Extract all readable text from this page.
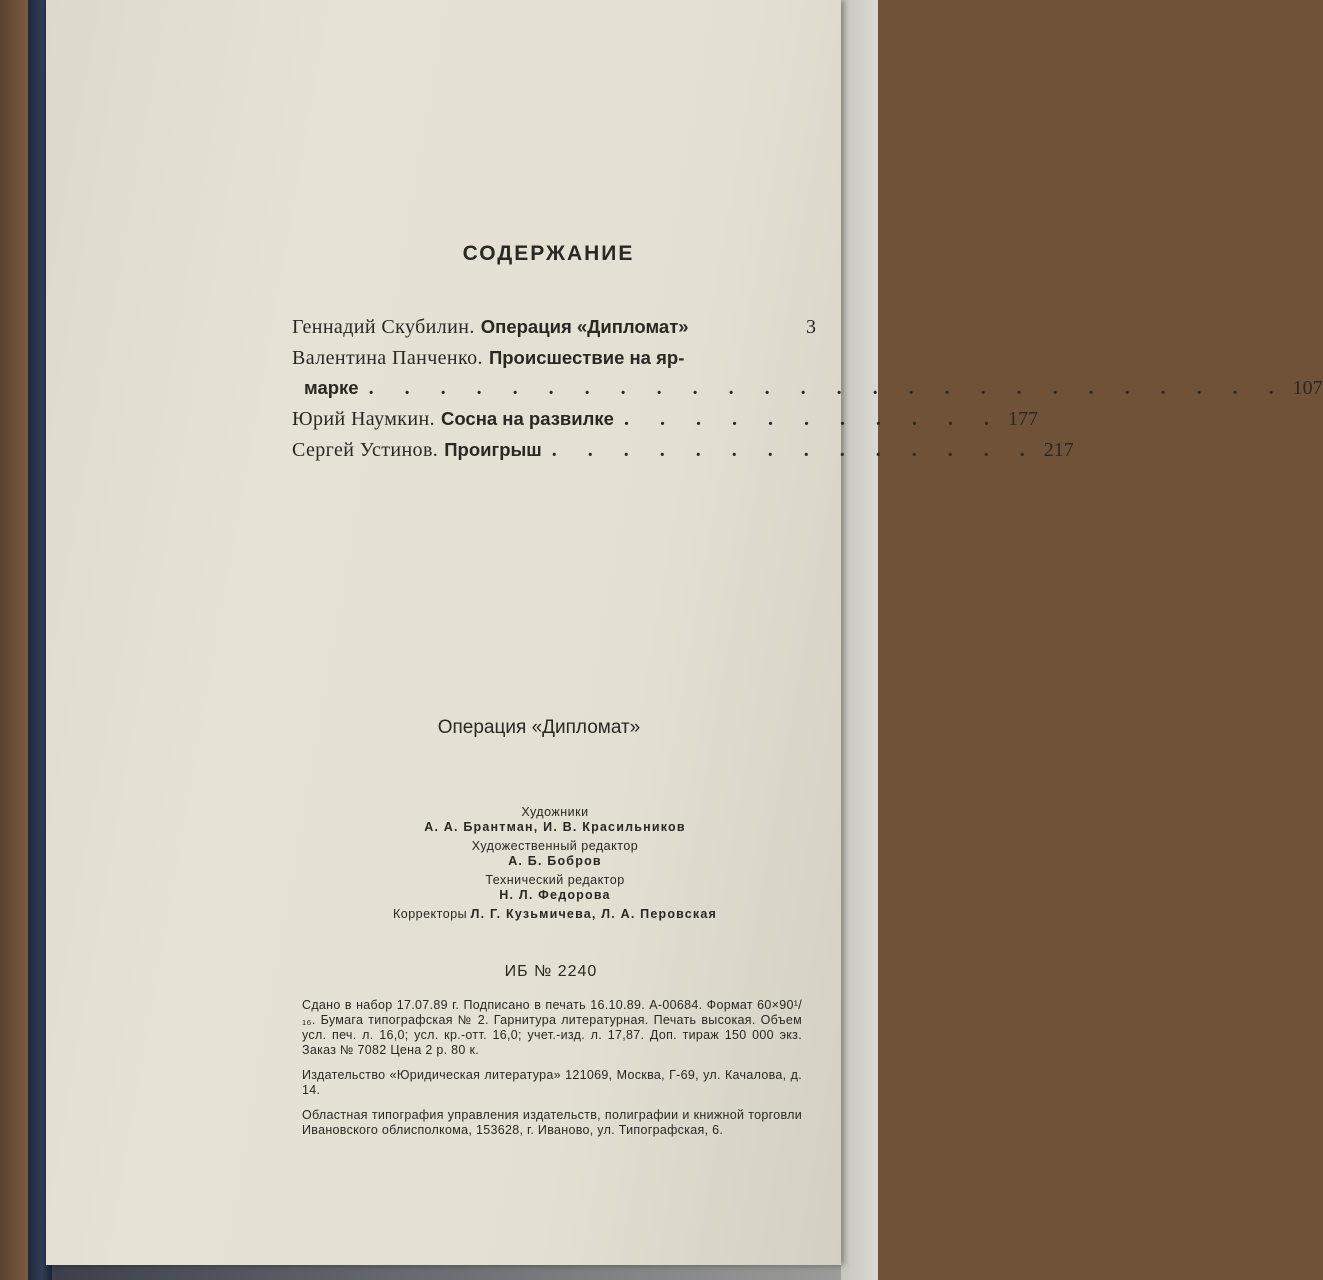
СОДЕРЖАНИЕ
Геннадий Скубилин. Операция «Дипломат»	3
Валентина Панченко. Происшествие на яр-
марке . . . . . . . . . . . . . . . . . . . . . . . . . . 107
Юрий Наумкин. Сосна на развилке . . . . . . . . . . . 177
Сергей Устинов. Проигрыш . . . . . . . . . . . . . . 217
Операция «Дипломат»
Художники
А. А. Брантман, И. В. Красильников
Художественный редактор
А. Б. Бобров
Технический редактор
Н. Л. Федорова
Корректоры Л. Г. Кузьмичева, Л. А. Перовская
ИБ № 2240

Сдано в набор 17.07.89 г. Подписано в печать 16.10.89. А-00684. Формат 60×90¹/₁₆. Бумага типографская № 2. Гарнитура литературная. Печать высокая. Объем усл. печ. л. 16,0; усл. кр.-отт. 16,0; учет.-изд. л. 17,87. Доп. тираж 150 000 экз. Заказ № 7082 Цена 2 р. 80 к.

Издательство «Юридическая литература» 121069, Москва, Г-69, ул. Качалова, д. 14.

Областная типография управления издательств, полиграфии и книжной торговли Ивановского облисполкома, 153628, г. Иваново, ул. Типографская, 6.
